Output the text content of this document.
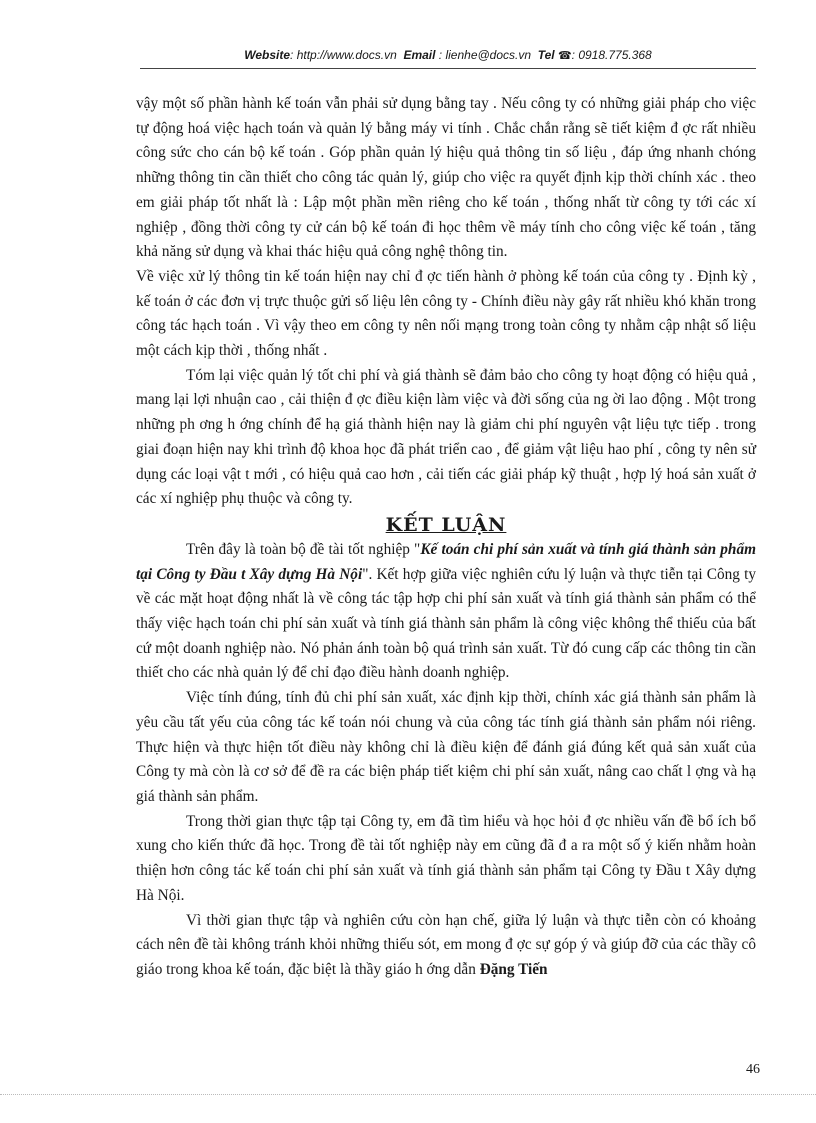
Website: http://www.docs.vn Email : lienhe@docs.vn Tel ☎: 0918.775.368

vậy một số phần hành kế toán vẫn phải sử dụng bằng tay . Nếu công ty có những giải pháp cho việc tự động hoá việc hạch toán và quản lý bằng máy vi tính . Chắc chắn rằng sẽ tiết kiệm đ ợc rất nhiều công sức cho cán bộ kế toán . Góp phần quản lý hiệu quả thông tin số liệu , đáp ứng nhanh chóng những thông tin cần thiết cho công tác quản lý, giúp cho việc ra quyết định kịp thời chính xác . theo em giải pháp tốt nhất là : Lập một phần mền riêng cho kế toán , thống nhất từ công ty tới các xí nghiệp , đồng thời công ty cử cán bộ kế toán đi học thêm về máy tính cho công việc kế toán , tăng khả năng sử dụng và khai thác hiệu quả công nghệ thông tin.

Về việc xử lý thông tin kế toán hiện nay chỉ đ ợc tiến hành ở phòng kế toán của công ty . Định kỳ , kế toán ở các đơn vị trực thuộc gửi số liệu lên công ty - Chính điều này gây rất nhiều khó khăn trong công tác hạch toán . Vì vậy theo em công ty nên nối mạng trong toàn công ty nhằm cập nhật số liệu một cách kịp thời , thống nhất .

Tóm lại việc quản lý tốt chi phí và giá thành sẽ đảm bảo cho công ty hoạt động có hiệu quả , mang lại lợi nhuận cao , cải thiện đ ợc điều kiện làm việc và đời sống của ng ời lao động . Một trong những ph ơng h ớng chính để hạ giá thành hiện nay là giảm chi phí nguyên vật liệu tực tiếp . trong giai đoạn hiện nay khi trình độ khoa học đã phát triển cao , để giảm vật liệu hao phí , công ty nên sử dụng các loại vật t mới , có hiệu quả cao hơn , cải tiến các giải pháp kỹ thuật , hợp lý hoá sản xuất ở các xí nghiệp phụ thuộc và công ty.

KẾT LUẬN

Trên đây là toàn bộ đề tài tốt nghiệp "Kế toán chi phí sản xuất và tính giá thành sản phẩm tại Công ty Đầu t Xây dựng Hà Nội". Kết hợp giữa việc nghiên cứu lý luận và thực tiễn tại Công ty về các mặt hoạt động nhất là về công tác tập hợp chi phí sản xuất và tính giá thành sản phẩm có thể thấy việc hạch toán chi phí sản xuất và tính giá thành sản phẩm là công việc không thể thiếu của bất cứ một doanh nghiệp nào. Nó phản ánh toàn bộ quá trình sản xuất. Từ đó cung cấp các thông tin cần thiết cho các nhà quản lý để chỉ đạo điều hành doanh nghiệp.

Việc tính đúng, tính đủ chi phí sản xuất, xác định kịp thời, chính xác giá thành sản phẩm là yêu cầu tất yếu của công tác kế toán nói chung và của công tác tính giá thành sản phẩm nói riêng. Thực hiện và thực hiện tốt điều này không chỉ là điều kiện để đánh giá đúng kết quả sản xuất của Công ty mà còn là cơ sở để đề ra các biện pháp tiết kiệm chi phí sản xuất, nâng cao chất l ợng và hạ giá thành sản phẩm.

Trong thời gian thực tập tại Công ty, em đã tìm hiểu và học hỏi đ ợc nhiều vấn đề bổ ích bổ xung cho kiến thức đã học. Trong đề tài tốt nghiệp này em cũng đã đ a ra một số ý kiến nhằm hoàn thiện hơn công tác kế toán chi phí sản xuất và tính giá thành sản phẩm tại Công ty Đầu t Xây dựng Hà Nội.

Vì thời gian thực tập và nghiên cứu còn hạn chế, giữa lý luận và thực tiễn còn có khoảng cách nên đề tài không tránh khỏi những thiếu sót, em mong đ ợc sự góp ý và giúp đỡ của các thầy cô giáo trong khoa kế toán, đặc biệt là thầy giáo h ớng dẫn Đặng Tiến

46
